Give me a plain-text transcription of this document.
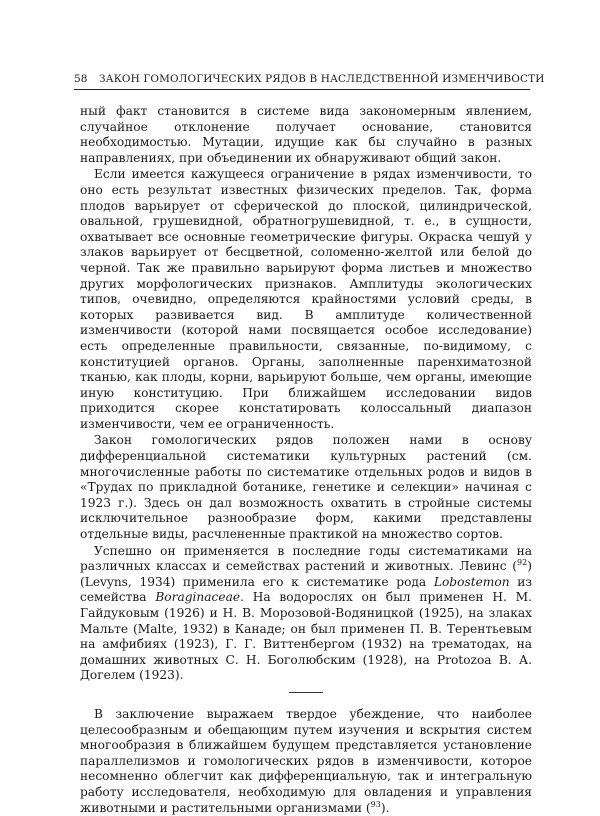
58 ЗАКОН ГОМОЛОГИЧЕСКИХ РЯДОВ В НАСЛЕДСТВЕННОЙ ИЗМЕНЧИВОСТИ

ный факт становится в системе вида закономерным явлением, случайное отклонение получает основание, становится необходимостью. Мутации, идущие как бы случайно в разных направлениях, при объединении их обнаруживают общий закон.

Если имеется кажущееся ограничение в рядах изменчивости, то оно есть результат известных физических пределов. Так, форма плодов варьирует от сферической до плоской, цилиндрической, овальной, грушевидной, обратногрушевидной, т. е., в сущности, охватывает все основные геометрические фигуры. Окраска чешуй у злаков варьирует от бесцветной, соломенно-желтой или белой до черной. Так же правильно варьируют форма листьев и множество других морфологических признаков. Амплитуды экологических типов, очевидно, определяются крайностями условий среды, в которых развивается вид. В амплитуде количественной изменчивости (которой нами посвящается особое исследование) есть определенные правильности, связанные, по-видимому, с конституцией органов. Органы, заполненные паренхиматозной тканью, как плоды, корни, варьируют больше, чем органы, имеющие иную конституцию. При ближайшем исследовании видов приходится скорее констатировать колоссальный диапазон изменчивости, чем ее ограниченность.

Закон гомологических рядов положен нами в основу дифференциальной систематики культурных растений (см. многочисленные работы по систематике отдельных родов и видов в «Трудах по прикладной ботанике, генетике и селекции» начиная с 1923 г.). Здесь он дал возможность охватить в стройные системы исключительное разнообразие форм, какими представлены отдельные виды, расчлененные практикой на множество сортов.

Успешно он применяется в последние годы систематиками на различных классах и семействах растений и животных. Левинс ($^{92}$) (Levyns, 1934) применила его к систематике рода Lobostemon из семейства Boraginaceae. На водорослях он был применен Н. М. Гайдуковым (1926) и Н. В. Морозовой-Водяницкой (1925), на злаках Мальте (Malte, 1932) в Канаде; он был применен П. В. Терентьевым на амфибиях (1923), Г. Г. Виттенбергом (1932) на трематодах, на домашних животных С. Н. Боголюбским (1928), на Protozoa В. А. Догелем (1923).

В заключение выражаем твердое убеждение, что наиболее целесообразным и обещающим путем изучения и вскрытия систем многообразия в ближайшем будущем представляется установление параллелизмов и гомологических рядов в изменчивости, которое несомненно облегчит как дифференциальную, так и интегральную работу исследователя, необходимую для овладения и управления животными и растительными организмами ($^{93}$).
